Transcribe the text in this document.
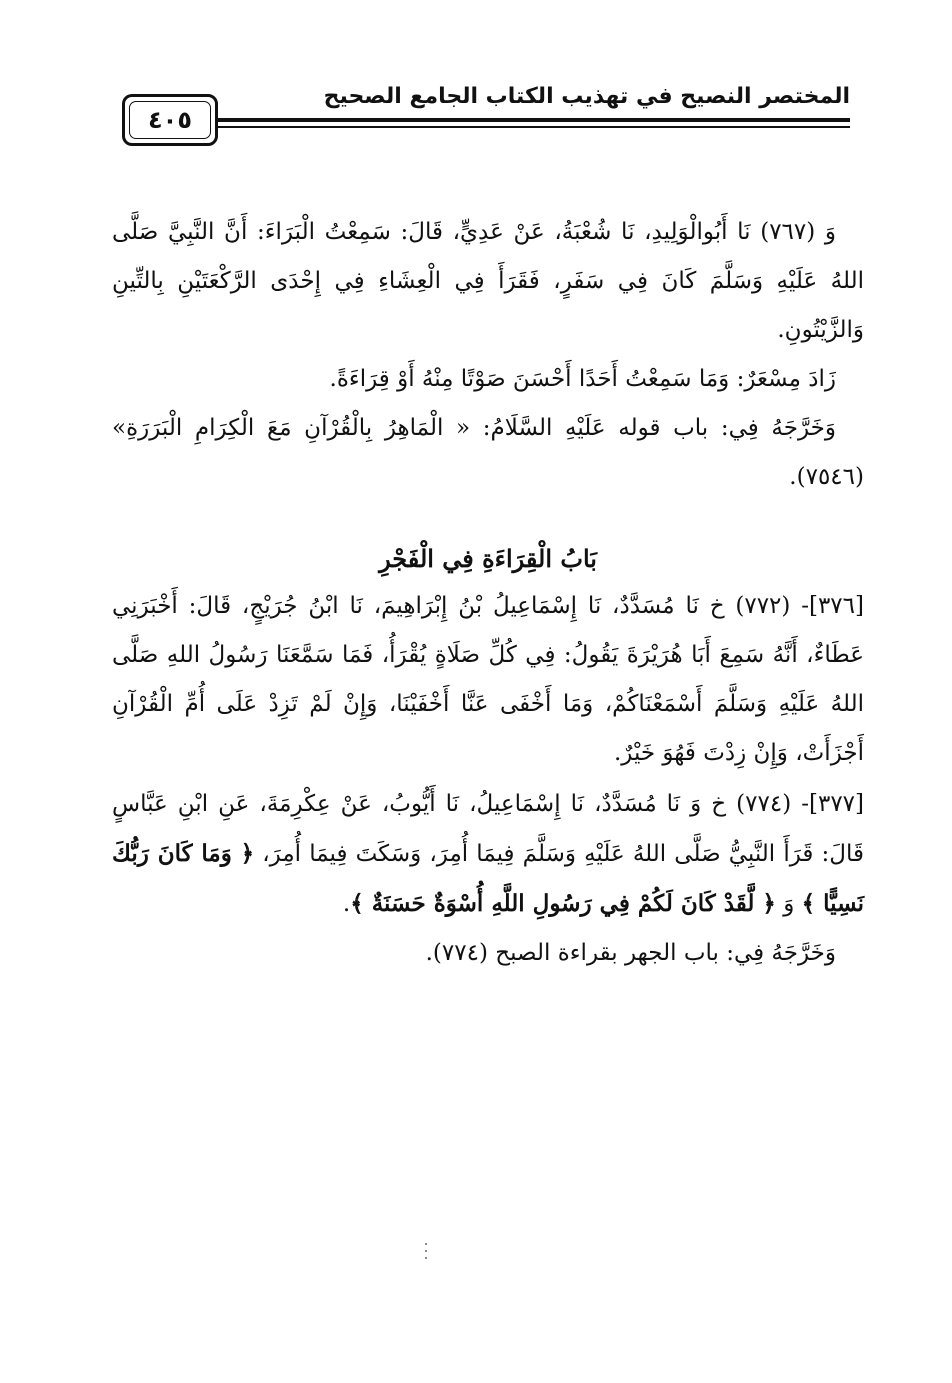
المختصر النصيح في تهذيب الكتاب الجامع الصحيح
٤٠٥

وَ (٧٦٧) نَا أَبُوالْوَلِيدِ، نَا شُعْبَةُ، عَنْ عَدِيٍّ، قَالَ: سَمِعْتُ الْبَرَاءَ: أَنَّ النَّبِيَّ صَلَّى اللهُ عَلَيْهِ وَسَلَّمَ كَانَ فِي سَفَرٍ، فَقَرَأَ فِي الْعِشَاءِ فِي إِحْدَى الرَّكْعَتَيْنِ بِالتِّينِ وَالزَّيْتُونِ.

زَادَ مِسْعَرٌ: وَمَا سَمِعْتُ أَحَدًا أَحْسَنَ صَوْتًا مِنْهُ أَوْ قِرَاءَةً.

وَخَرَّجَهُ فِي: باب قوله عَلَيْهِ السَّلَامُ: « الْمَاهِرُ بِالْقُرْآنِ مَعَ الْكِرَامِ الْبَرَرَةِ» (٧٥٤٦).

بَابُ الْقِرَاءَةِ فِي الْفَجْرِ

[٣٧٦]- (٧٧٢) خ نَا مُسَدَّدٌ، نَا إِسْمَاعِيلُ بْنُ إِبْرَاهِيمَ، نَا ابْنُ جُرَيْجٍ، قَالَ: أَخْبَرَنِي عَطَاءٌ، أَنَّهُ سَمِعَ أَبَا هُرَيْرَةَ يَقُولُ: فِي كُلِّ صَلَاةٍ يُقْرَأُ، فَمَا سَمَّعَنَا رَسُولُ اللهِ صَلَّى اللهُ عَلَيْهِ وَسَلَّمَ أَسْمَعْنَاكُمْ، وَمَا أَخْفَى عَنَّا أَخْفَيْنَا، وَإِنْ لَمْ تَزِدْ عَلَى أُمِّ الْقُرْآنِ أَجْزَأَتْ، وَإِنْ زِدْتَ فَهُوَ خَيْرٌ.

[٣٧٧]- (٧٧٤) خ وَ نَا مُسَدَّدٌ، نَا إِسْمَاعِيلُ، نَا أَيُّوبُ، عَنْ عِكْرِمَةَ، عَنِ ابْنِ عَبَّاسٍ قَالَ: قَرَأَ النَّبِيُّ صَلَّى اللهُ عَلَيْهِ وَسَلَّمَ فِيمَا أُمِرَ، وَسَكَتَ فِيمَا أُمِرَ، ﴿ وَمَا كَانَ رَبُّكَ نَسِيًّا ﴾ وَ ﴿ لَّقَدْ كَانَ لَكُمْ فِي رَسُولِ اللَّهِ أُسْوَةٌ حَسَنَةٌ ﴾.

وَخَرَّجَهُ فِي: باب الجهر بقراءة الصبح (٧٧٤).
